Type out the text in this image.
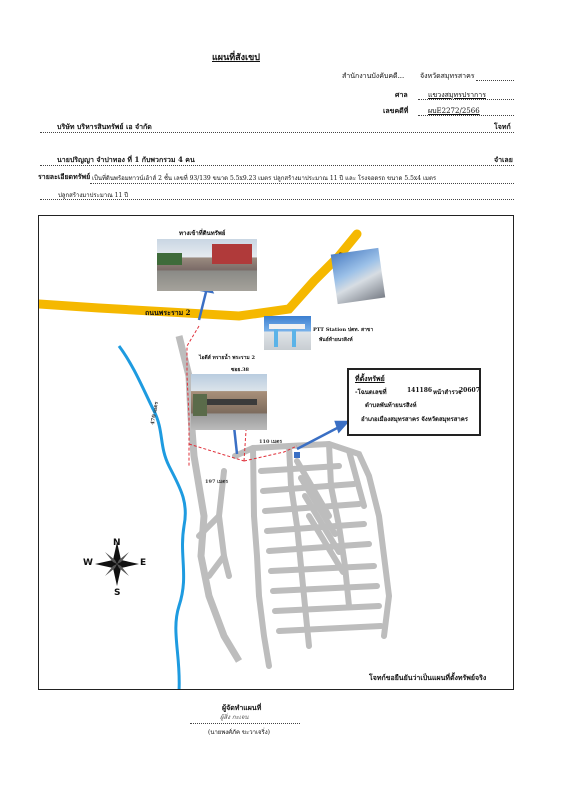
แผนที่สังเขป
สำนักงานบังคับคดี... จังหวัดสมุทรสาคร
ศาล	แขวงสมุทรปราการ
เลขคดีที่	ผบE2272/2566
บริษัท บริหารสินทรัพย์ เอ จำกัด	โจทก์
นายปริญญา จำปาทอง ที่ 1 กับพวกรวม 4 คน	จำเลย
รายละเอียดทรัพย์ เป็นที่ดินพร้อมทาวน์เฮ้าส์ 2 ชั้น เลขที่ 93/139 ขนาด 5.5x9.23 เมตร ปลูกสร้างมาประมาณ 11 ปี และ โรงจอดรถ ขนาด 5.5x4 เมตร
ปลูกสร้างมาประมาณ 11 ปี
N
S
E
W
ทางเข้าที่ดินทรัพย์
PTT Station ปตท. สาขา
พันธ์ท้ายนรสิงห์
ถนนพระราม 2
ไอดีส์ ทรายน้ำ พระราม 2
ซอย.38
470 เมตร
197 เมตร
110 เมตร
ที่ตั้งทรัพย์
-โฉนดเลขที่	141186 หน้าสำรวจ
20607
ตำบลพันท้ายนรสิงห์
อำเภอเมืองสมุทรสาคร จังหวัดสมุทรสาคร
โจทก์ขอยืนยันว่าเป็นแผนที่ตั้งทรัพย์จริง
ผู้จัดทำแผนที่
ผู้สิ่ง กะเจน
(นายพงศ์ภัค ขะวาเจริ่ง)
